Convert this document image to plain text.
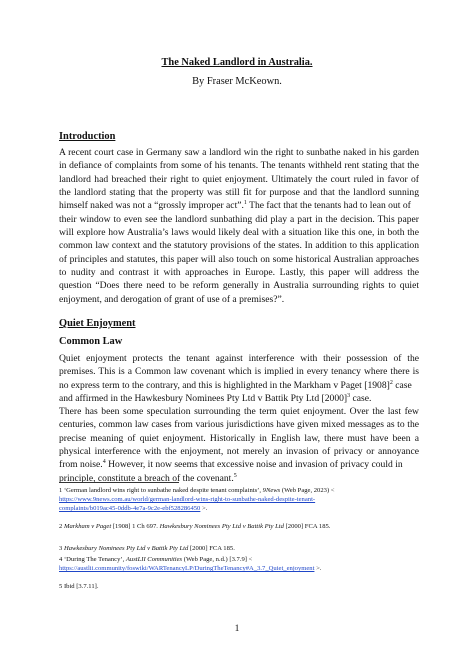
The Naked Landlord in Australia.
By Fraser McKeown.
Introduction
A recent court case in Germany saw a landlord win the right to sunbathe naked in his garden
in defiance of complaints from some of his tenants. The tenants withheld rent stating that the
landlord had breached their right to quiet enjoyment. Ultimately the court ruled in favor of
the landlord stating that the property was still fit for purpose and that the landlord sunning
himself naked was not a “grossly improper act”.$^1$ The fact that the tenants had to lean out of
their window to even see the landlord sunbathing did play a part in the decision. This paper
will explore how Australia’s laws would likely deal with a situation like this one, in both the
common law context and the statutory provisions of the states. In addition to this application
of principles and statutes, this paper will also touch on some historical Australian approaches
to nudity and contrast it with approaches in Europe. Lastly, this paper will address the
question “Does there need to be reform generally in Australia surrounding rights to quiet
enjoyment, and derogation of grant of use of a premises?”.
Quiet Enjoyment
Common Law
Quiet enjoyment protects the tenant against interference with their possession of the
premises. This is a Common law covenant which is implied in every tenancy where there is
no express term to the contrary, and this is highlighted in the Markham v Paget $[1908]^2$ case
and affirmed in the Hawkesbury Nominees Pty Ltd v Battik Pty Ltd $[2000]^3$ case.
There has been some speculation surrounding the term quiet enjoyment. Over the last few
centuries, common law cases from various jurisdictions have given mixed messages as to the
precise meaning of quiet enjoyment. Historically in English law, there must have been a
physical interference with the enjoyment, not merely an invasion of privacy or annoyance
from noise.$^4$ However, it now seems that excessive noise and invasion of privacy could in
principle, constitute a breach of the covenant.$^5$
1 ‘German landlord wins right to sunbathe naked despite tenant complaints’, 9News (Web Page, 2023) <
https://www.9news.com.au/world/german-landlord-wins-right-to-sunbathe-naked-despite-tenant-
complaints/b019ac45-0ddb-4e7a-9c2e-ebf528286450 >.
2 Markham v Paget [1908] 1 Ch 697. Hawkesbury Nominees Pty Ltd v Battik Pty Ltd [2000] FCA 185.
3 Hawkesbury Nominees Pty Ltd v Battik Pty Ltd [2000] FCA 185.
4 ‘During The Tenancy’, AustLII Communities (Web Page, n.d.) [3.7.9] <
https://austlii.community/foswiki/WARTenancyLP/DuringTheTenancy#A_3.7_Quiet_enjoyment >.
5 Ibid [3.7.11].
1
